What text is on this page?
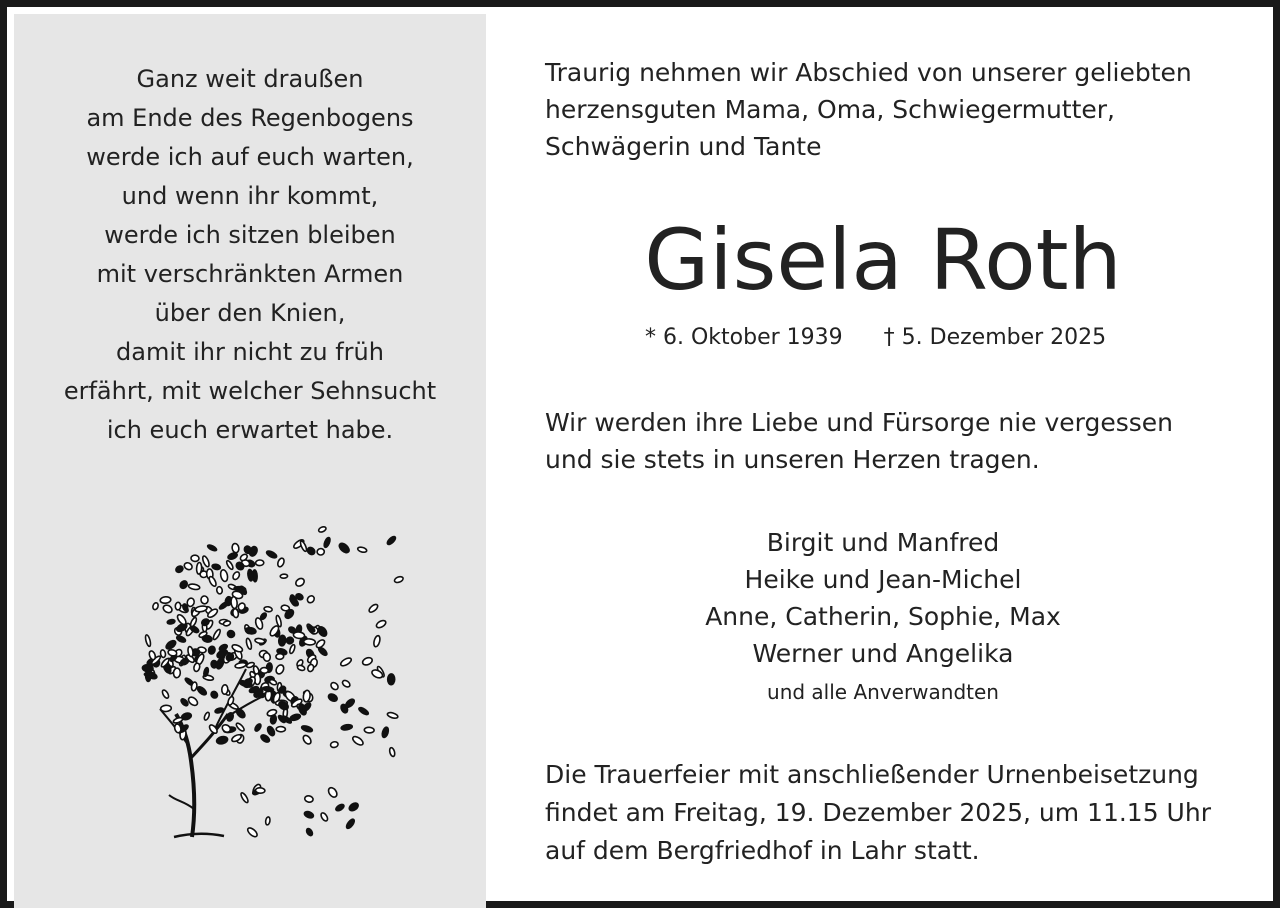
Ganz weit draußen
am Ende des Regenbogens
werde ich auf euch warten,
und wenn ihr kommt,
werde ich sitzen bleiben
mit verschränkten Armen
über den Knien,
damit ihr nicht zu früh
erfährt, mit welcher Sehnsucht
ich euch erwartet habe.
Traurig nehmen wir Abschied von unserer geliebten
herzensguten Mama, Oma, Schwiegermutter,
Schwägerin und Tante
Gisela Roth
* 6. Oktober 1939 † 5. Dezember 2025
Wir werden ihre Liebe und Fürsorge nie vergessen
und sie stets in unseren Herzen tragen.
Birgit und Manfred
Heike und Jean-Michel
Anne, Catherin, Sophie, Max
Werner und Angelika
und alle Anverwandten
Die Trauerfeier mit anschließender Urnenbeisetzung
findet am Freitag, 19. Dezember 2025, um 11.15 Uhr
auf dem Bergfriedhof in Lahr statt.
